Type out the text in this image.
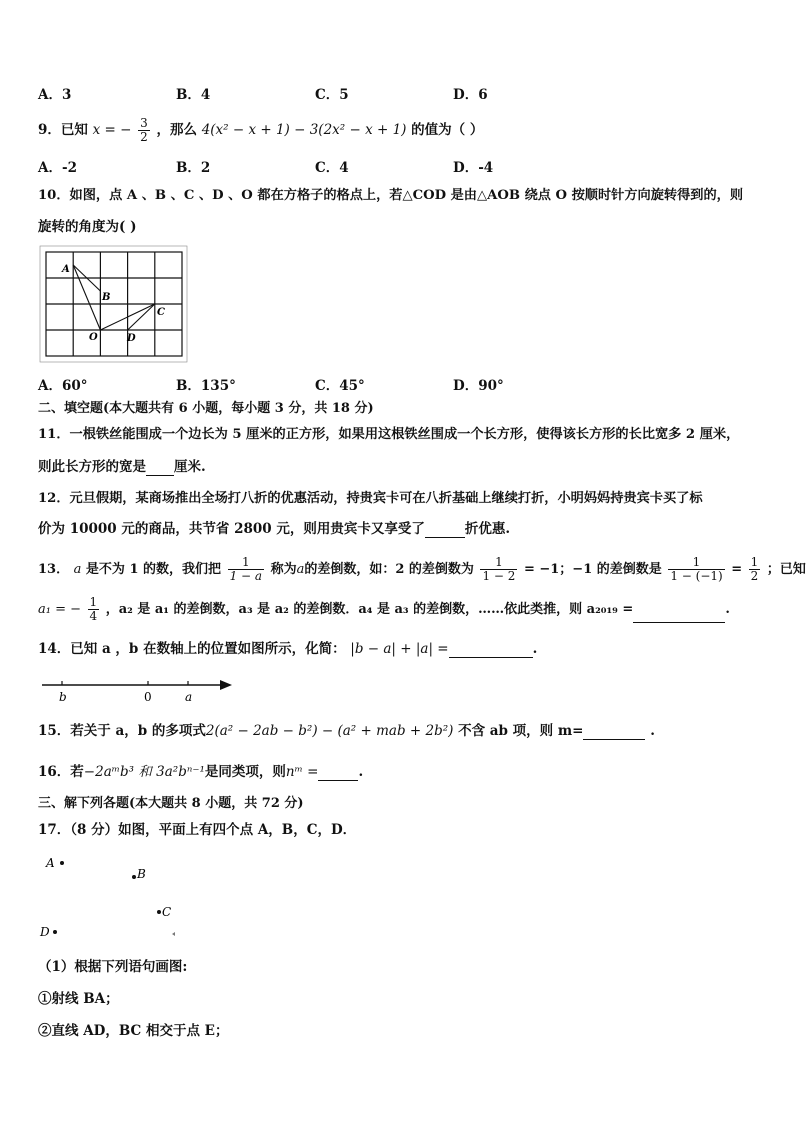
A．3	B．4	C．5	D．6
9．已知 x = − $\frac{3}{2}$ ，那么 4(x² − x + 1) − 3(2x² − x + 1) 的值为（ ）
A．-2	B．2	C．4	D．-4
10．如图，点 A 、B 、C 、D 、O 都在方格子的格点上，若△COD 是由△AOB 绕点 O 按顺时针方向旋转得到的，则
旋转的角度为( )
A
B
C
D
O
A．60°	B．135°	C．45°	D．90°
二、填空题(本大题共有 6 小题，每小题 3 分，共 18 分)
11．一根铁丝能围成一个边长为 5 厘米的正方形，如果用这根铁丝围成一个长方形，使得该长方形的长比宽多 2 厘米，
则此长方形的宽是 厘米.
12．元旦假期，某商场推出全场打八折的优惠活动，持贵宾卡可在八折基础上继续打折，小明妈妈持贵宾卡买了标
价为 10000 元的商品，共节省 2800 元，则用贵宾卡又享受了	折优惠.
13． a 是不为 1 的数，我们把 $\frac{1}{1 - a}$ 称为a的差倒数，如：2 的差倒数为 $\frac{1}{1 - 2} = -1$；−1 的差倒数是 $\frac{1}{1 - (-1)} = \frac{1}{2}$ ；已知
a₁ = − $\frac{1}{4}$ ，a₂ 是 a₁ 的差倒数，a₃ 是 a₂ 的差倒数．a₄ 是 a₃ 的差倒数，……依此类推，则 a₂₀₁₉ =	.
14．已知 a ，b 在数轴上的位置如图所示，化简： |b − a| + |a| =	.
b	0	a
15．若关于 a，b 的多项式2(a² − 2ab − b²) − (a² + mab + 2b²) 不含 ab 项，则 m=	.
16．若−2aᵐb³ 和 3a²bⁿ⁻¹是同类项，则nᵐ =	.
三、解下列各题(本大题共 8 小题，共 72 分)
17．（8 分）如图，平面上有四个点 A，B，C，D．
A
B
C
D
（1）根据下列语句画图:
①射线 BA；
②直线 AD，BC 相交于点 E；
